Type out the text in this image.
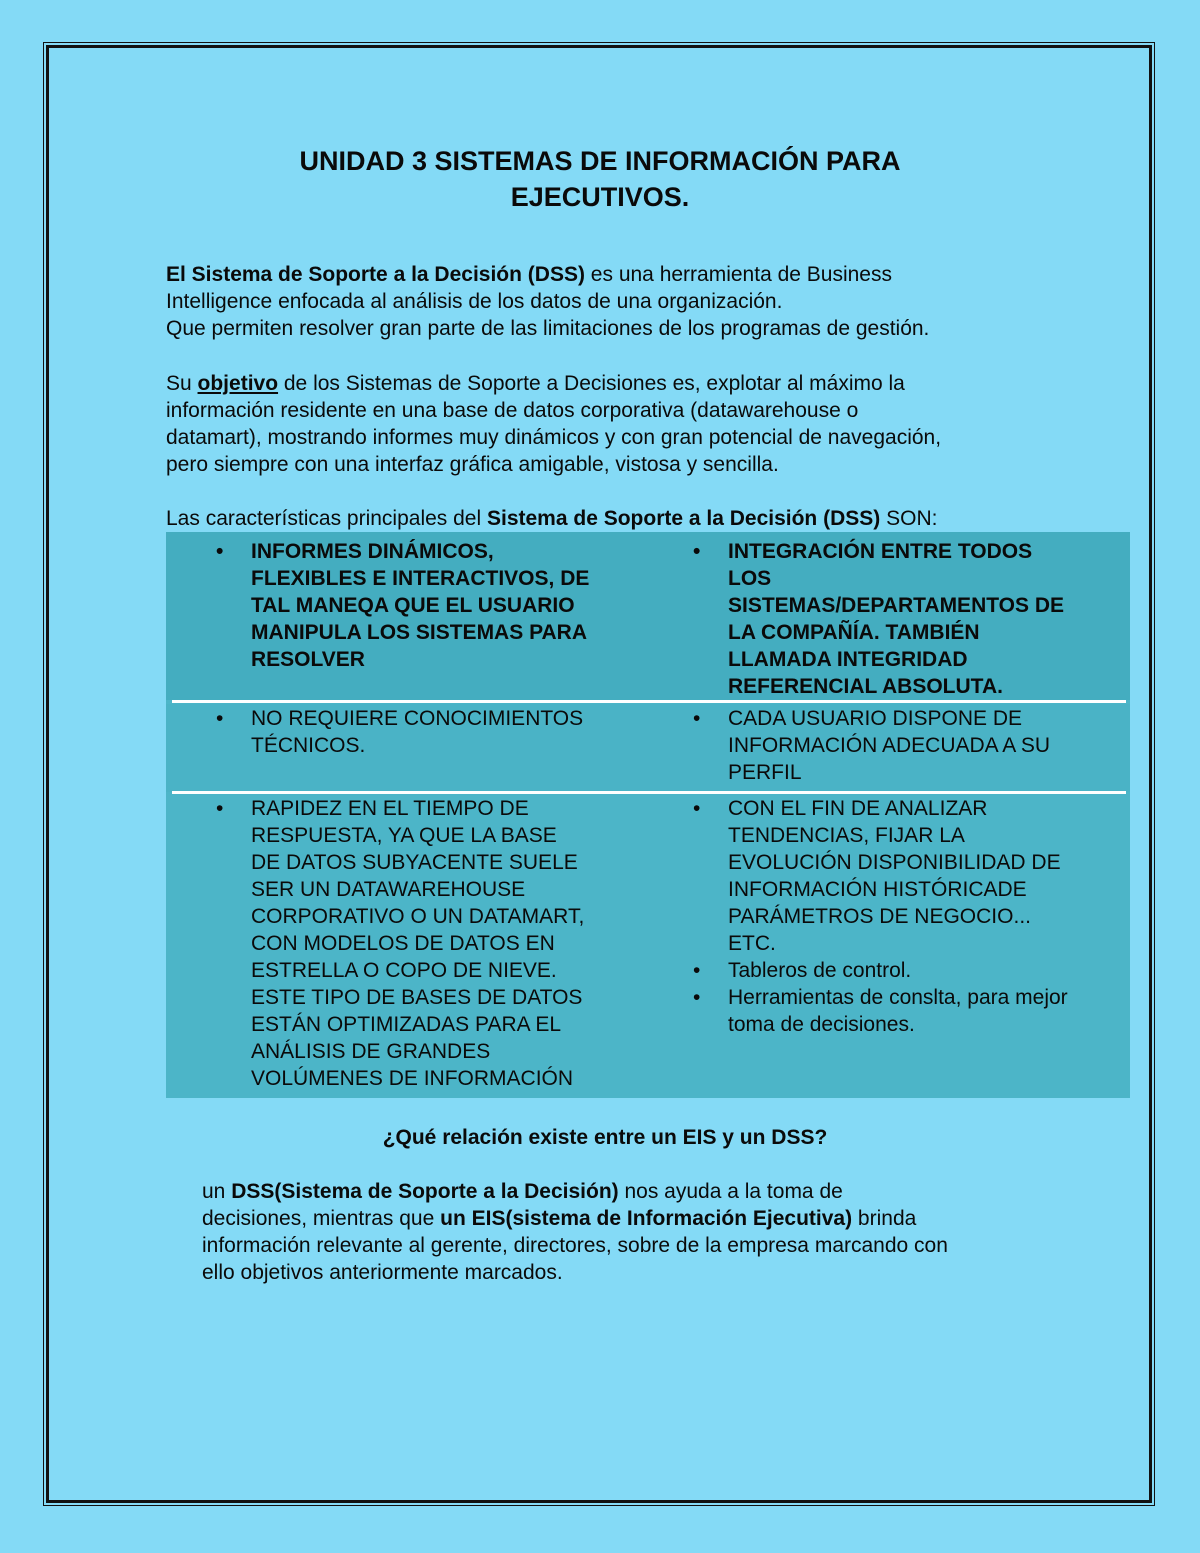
UNIDAD 3 SISTEMAS DE INFORMACIÓN PARA
EJECUTIVOS.
El Sistema de Soporte a la Decisión (DSS) es una herramienta de Business
Intelligence enfocada al análisis de los datos de una organización.
Que permiten resolver gran parte de las limitaciones de los programas de gestión.
Su objetivo de los Sistemas de Soporte a Decisiones es, explotar al máximo la
información residente en una base de datos corporativa (datawarehouse o
datamart), mostrando informes muy dinámicos y con gran potencial de navegación,
pero siempre con una interfaz gráfica amigable, vistosa y sencilla.
Las características principales del Sistema de Soporte a la Decisión (DSS) SON:
• INFORMES DINÁMICOS,
FLEXIBLES E INTERACTIVOS, DE
TAL MANEQA QUE EL USUARIO
MANIPULA LOS SISTEMAS PARA
RESOLVER
• INTEGRACIÓN ENTRE TODOS
LOS
SISTEMAS/DEPARTAMENTOS DE
LA COMPAÑÍA. TAMBIÉN
LLAMADA INTEGRIDAD
REFERENCIAL ABSOLUTA.
• NO REQUIERE CONOCIMIENTOS
TÉCNICOS.
• CADA USUARIO DISPONE DE
INFORMACIÓN ADECUADA A SU
PERFIL
• RAPIDEZ EN EL TIEMPO DE
RESPUESTA, YA QUE LA BASE
DE DATOS SUBYACENTE SUELE
SER UN DATAWAREHOUSE
CORPORATIVO O UN DATAMART,
CON MODELOS DE DATOS EN
ESTRELLA O COPO DE NIEVE.
ESTE TIPO DE BASES DE DATOS
ESTÁN OPTIMIZADAS PARA EL
ANÁLISIS DE GRANDES
VOLÚMENES DE INFORMACIÓN
• CON EL FIN DE ANALIZAR
TENDENCIAS, FIJAR LA
EVOLUCIÓN DISPONIBILIDAD DE
INFORMACIÓN HISTÓRICADE
PARÁMETROS DE NEGOCIO...
ETC.
• Tableros de control.
• Herramientas de conslta, para mejor
toma de decisiones.
¿Qué relación existe entre un EIS y un DSS?
un DSS(Sistema de Soporte a la Decisión) nos ayuda a la toma de
decisiones, mientras que un EIS(sistema de Información Ejecutiva) brinda
información relevante al gerente, directores, sobre de la empresa marcando con
ello objetivos anteriormente marcados.
